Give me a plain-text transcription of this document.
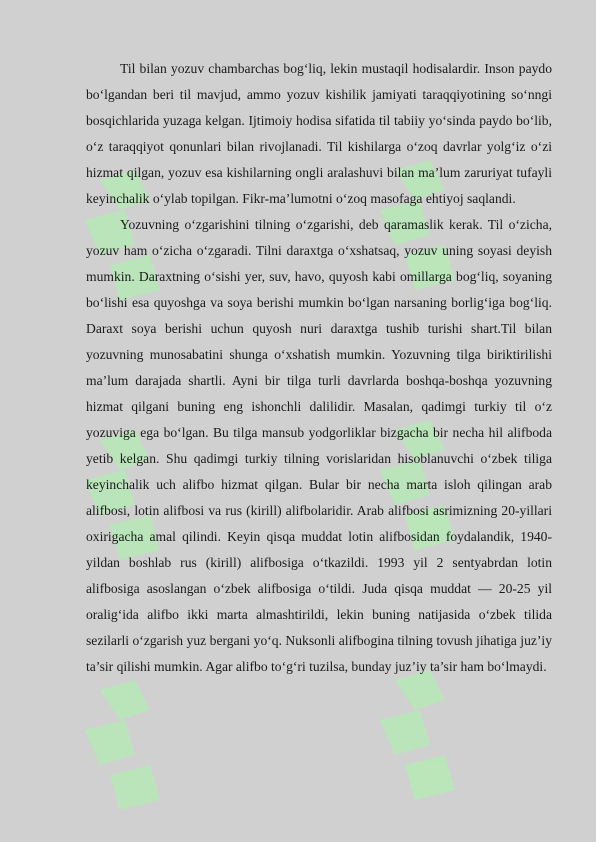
Til bilan yozuv chambarchas bog‘liq, lekin mustaqil hodisalardir. Inson paydo bo‘lgandan beri til mavjud, ammo yozuv kishilik jamiyati taraqqiyotining so‘nngi bosqichlarida yuzaga kelgan. Ijtimoiy hodisa sifatida til tabiiy yo‘sinda paydo bo‘lib, o‘z taraqqiyot qonunlari bilan rivojlanadi. Til kishilarga o‘zoq davrlar yolg‘iz o‘zi hizmat qilgan, yozuv esa kishilarning ongli aralashuvi bilan ma’lum zaruriyat tufayli keyinchalik o‘ylab topilgan. Fikr-ma’lumotni o‘zoq masofaga ehtiyoj saqlandi.

Yozuvning o‘zgarishini tilning o‘zgarishi, deb qaramaslik kerak. Til o‘zicha, yozuv ham o‘zicha o‘zgaradi. Tilni daraxtga o‘xshatsaq, yozuv uning soyasi deyish mumkin. Daraxtning o‘sishi yer, suv, havo, quyosh kabi omillarga bog‘liq, soyaning bo‘lishi esa quyoshga va soya berishi mumkin bo‘lgan narsaning borlig‘iga bog‘liq. Daraxt soya berishi uchun quyosh nuri daraxtga tushib turishi shart.Til bilan yozuvning munosabatini shunga o‘xshatish mumkin. Yozuvning tilga biriktirilishi ma’lum darajada shartli. Ayni bir tilga turli davrlarda boshqa-boshqa yozuvning hizmat qilgani buning eng ishonchli dalilidir. Masalan, qadimgi turkiy til o‘z yozuviga ega bo‘lgan. Bu tilga mansub yodgorliklar bizgacha bir necha hil alifboda yetib kelgan. Shu qadimgi turkiy tilning vorislaridan hisoblanuvchi o‘zbek tiliga keyinchalik uch alifbo hizmat qilgan. Bular bir necha marta isloh qilingan arab alifbosi, lotin alifbosi va rus (kirill) alifbolaridir. Arab alifbosi asrimizning 20-yillari oxirigacha amal qilindi. Keyin qisqa muddat lotin alifbosidan foydalandik, 1940-yildan boshlab rus (kirill) alifbosiga o‘tkazildi. 1993 yil 2 sentyabrdan lotin alifbosiga asoslangan o‘zbek alifbosiga o‘tildi. Juda qisqa muddat — 20-25 yil oralig‘ida alifbo ikki marta almashtirildi, lekin buning natijasida o‘zbek tilida sezilarli o‘zgarish yuz bergani yo‘q. Nuksonli alifbogina tilning tovush jihatiga juz’iy ta’sir qilishi mumkin. Agar alifbo to‘g‘ri tuzilsa, bunday juz’iy ta’sir ham bo‘lmaydi.
